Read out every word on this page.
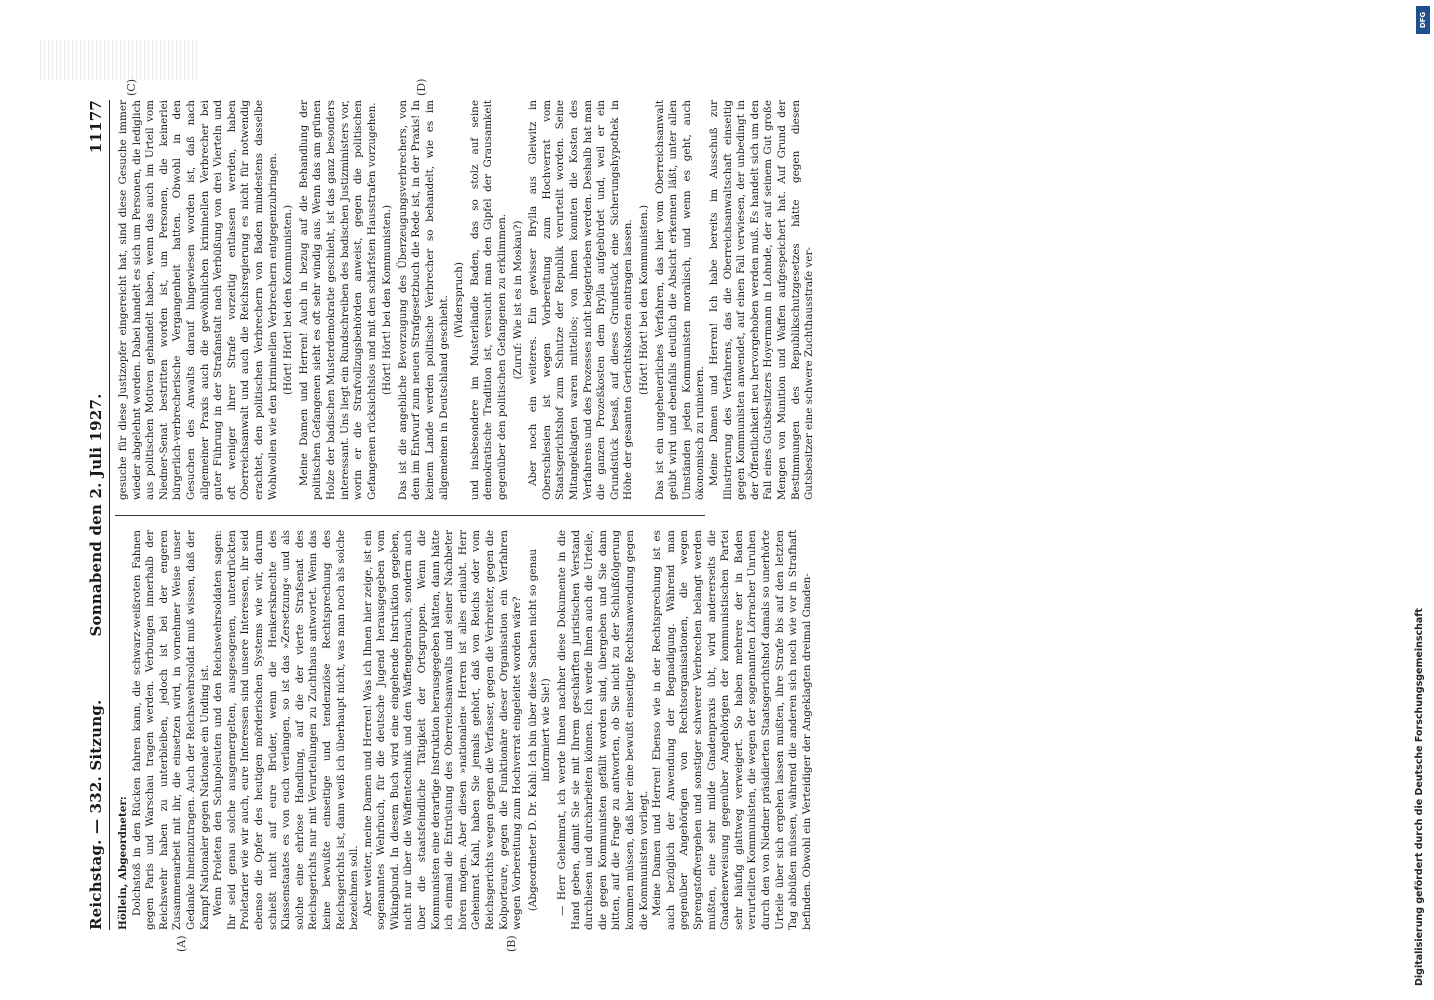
Reichstag. — 332. Sitzung.
Sonnabend den 2. Juli 1927.
11177
(A)	(B)
(C)	(D)

Höllein, Abgeordneter: Dolchstoß in den Rücken fahren kann, die schwarz-weißroten Fahnen gegen Paris und Warschau tragen werden. Verbungen innerhalb der Reichswehr haben zu unterbleiben, jedoch ist bei der engeren Zusammenarbeit mit ihr, die einsetzen wird, in vornehmer Weise unser Gedanke hineinzutragen. Auch der Reichswehrsoldat muß wissen, daß der Kampf Nationaler gegen Nationale ein Unding ist. Wenn Proleten den Schupoleuten und den Reichswehrsoldaten sagen: Ihr seid genau solche ausgemergelten, ausgesogenen, unterdrückten Proletarier wie wir auch, eure Interessen sind unsere Interessen, ihr seid ebenso die Opfer des heutigen mörderischen Systems wie wir, darum schießt nicht auf eure Brüder, wenn die Henkersknechte des Klassenstaates es von euch verlangen, so ist das »Zersetzung« und als solche eine ehrlose Handlung, auf die der vierte Strafsenat des Reichsgerichts nur mit Verurteilungen zu Zuchthaus antwortet. Wenn das keine bewußte einseitige und tendenziöse Rechtsprechung des Reichsgerichts ist, dann weiß ich überhaupt nicht, was man noch als solche bezeichnen soll. Aber weiter, meine Damen und Herren! Was ich Ihnen hier zeige, ist ein sogenanntes Wehrbuch, für die deutsche Jugend herausgegeben vom Wikingbund. In diesem Buch wird eine eingehende Instruktion gegeben, nicht nur über die Waffentechnik und den Waffengebrauch, sondern auch über die staatsfeindliche Tätigkeit der Ortsgruppen. Wenn die Kommunisten eine derartige Instruktion herausgegeben hätten, dann hätte ich einmal die Entrüstung des Oberreichsanwalts und seiner Nachbeter hören mögen. Aber diesen »nationalen« Herren ist alles erlaubt. Herr Geheimrat Kahl, haben Sie jemals gehört, daß von Reichs oder vom Reichsgerichts wegen gegen die Verfasser, gegen die Verbreiter, gegen die Kolporteure, gegen die Funktionäre dieser Organisation ein Verfahren wegen Vorbereitung zum Hochverrat eingeleitet worden wäre? (Abgeordneter D. Dr. Kahl: Ich bin über diese Sachen nicht so genau informiert wie Sie!) — Herr Geheimrat, ich werde Ihnen nachher diese Dokumente in die Hand geben, damit Sie sie mit Ihrem geschärften juristischen Verstand durchlesen und durcharbeiten können. Ich werde Ihnen auch die Urteile, die gegen Kommunisten gefällt worden sind, übergeben und Sie dann bitten, auf die Frage zu antworten, ob Sie nicht zu der Schlußfolgerung kommen müssen, daß hier eine bewußt einseitige Rechtsanwendung gegen die Kommunisten vorliegt. Meine Damen und Herren! Ebenso wie in der Rechtsprechung ist es auch bezüglich der Anwendung der Begnadigung. Während man gegenüber Angehörigen von Rechtsorganisationen, die wegen Sprengstoffvergehen und sonstiger schwerer Verbrechen belangt werden mußten, eine sehr milde Gnadenpraxis übt, wird andererseits die Gnadenerweisung gegenüber Angehörigen der kommunistischen Partei sehr häufig glattweg verweigert. So haben mehrere der in Baden verurteilten Kommunisten, die wegen der sogenannten Lörracher Unruhen durch den von Niedner präsidierten Staatsgerichtshof damals so unerhörte Urteile über sich ergehen lassen mußten, ihre Strafe bis auf den letzten Tag abbüßen müssen, während die anderen sich noch wie vor in Strafhaft befinden. Obwohl ein Verteidiger der Angeklagten dreimal Gnaden-

gesuche für diese Justizopfer eingereicht hat, sind diese Gesuche immer wieder abgelehnt worden. Dabei handelt es sich um Personen, die lediglich aus politischen Motiven gehandelt haben, wenn das auch im Urteil vom Niedner-Senat bestritten worden ist, um Personen, die keinerlei bürgerlich-verbrecherische Vergangenheit hatten. Obwohl in den Gesuchen des Anwalts darauf hingewiesen worden ist, daß nach allgemeiner Praxis auch die gewöhnlichen kriminellen Verbrecher bei guter Führung in der Strafanstalt nach Verbüßung von drei Vierteln und oft weniger ihrer Strafe vorzeitig entlassen werden, haben Oberreichsanwalt und auch die Reichsregierung es nicht für notwendig erachtet, den politischen Verbrechern von Baden mindestens dasselbe Wohlwollen wie den kriminellen Verbrechern entgegenzubringen. (Hört! Hört! bei den Kommunisten.) Meine Damen und Herren! Auch in bezug auf die Behandlung der politischen Gefangenen sieht es oft sehr windig aus. Wenn das am grünen Holze der badischen Musterdemokratie geschieht, ist das ganz besonders interessant. Uns liegt ein Rundschreiben des badischen Justizministers vor, worin er die Strafvollzugsbehörden anweist, gegen die politischen Gefangenen rücksichtslos und mit den schärfsten Hausstrafen vorzugehen. (Hört! Hört! bei den Kommunisten.) Das ist die angebliche Bevorzugung des Überzeugungsverbrechers, von dem im Entwurf zum neuen Strafgesetzbuch die Rede ist, in der Praxis! In keinem Lande werden politische Verbrecher so behandelt, wie es im allgemeinen in Deutschland geschieht. (Widerspruch) und insbesondere im Musterländle Baden, das so stolz auf seine demokratische Tradition ist, versucht man den Gipfel der Grausamkeit gegenüber den politischen Gefangenen zu erklimmen. (Zuruf: Wie ist es in Moskau?) Aber noch ein weiteres. Ein gewisser Brylla aus Gleiwitz in Oberschlesien ist wegen Vorbereitung zum Hochverrat vom Staatsgerichtshof zum Schutze der Republik verurteilt worden. Seine Mitangeklagten waren mittellos; von ihnen konnten die Kosten des Verfahrens und des Prozesses nicht beigetrieben werden. Deshalb hat man die ganzen Prozeßkosten dem Brylla aufgebürdet und, weil er ein Grundstück besaß, auf dieses Grundstück eine Sicherungshypothek in Höhe der gesamten Gerichtskosten eintragen lassen. (Hört! Hört! bei den Kommunisten.) Das ist ein ungeheuerliches Verfahren, das hier vom Oberreichsanwalt geübt wird und ebenfalls deutlich die Absicht erkennen läßt, unter allen Umständen jeden Kommunisten moralisch, und wenn es geht, auch ökonomisch zu ruinieren. Meine Damen und Herren! Ich habe bereits im Ausschuß zur Illustrierung des Verfahrens, das die Oberreichsanwaltschaft einseitig gegen Kommunisten anwendet, auf einen Fall verwiesen, der unbedingt in der Öffentlichkeit neu hervorgehoben werden muß. Es handelt sich um den Fall eines Gutsbesitzers Hoyermann in Lohnde, der auf seinem Gut große Mengen von Munition und Waffen aufgespeichert hat. Auf Grund der Bestimmungen des Republikschutzgesetzes hätte gegen diesen Gutsbesitzer eine schwere Zuchthausstrafe ver-

DFG
Digitalisierung gefördert durch die Deutsche Forschungsgemeinschaft
